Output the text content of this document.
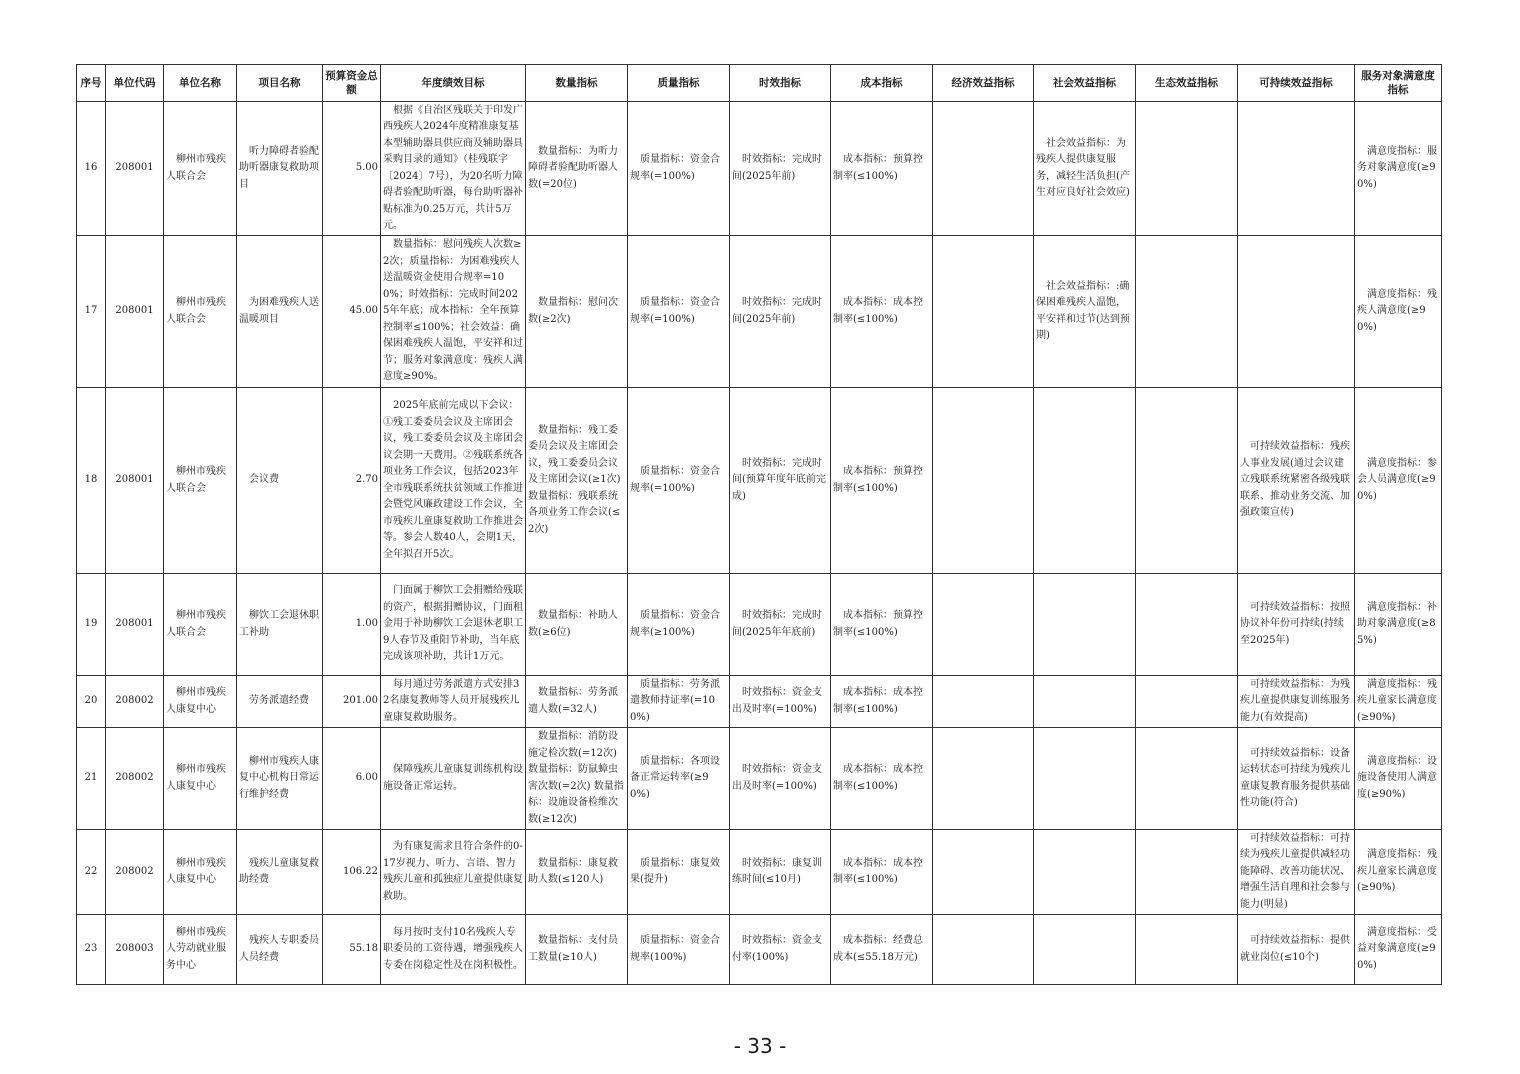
序号	单位代码	单位名称	项目名称	预算资金总额	年度绩效目标	数量指标	质量指标	时效指标	成本指标	经济效益指标	社会效益指标	生态效益指标	可持续效益指标	服务对象满意度指标
16	208001	柳州市残疾人联合会	听力障碍者验配助听器康复救助项目	5.00	根据《自治区残联关于印发广西残疾人2024年度精准康复基本型辅助器具供应商及辅助器具采购目录的通知》（桂残联字〔2024〕7号），为20名听力障碍者验配助听器，每台助听器补贴标准为0.25万元，共计5万元。	数量指标：为听力障碍者验配助听器人数(=20位)	质量指标：资金合规率(=100%)	时效指标：完成时间(2025年前)	成本指标：预算控制率(≤100%)		社会效益指标：为残疾人提供康复服务，减轻生活负担(产生对应良好社会效应)			满意度指标：服务对象满意度(≥90%)

17	208001	柳州市残疾人联合会	为困难残疾人送温暖项目	45.00	数量指标：慰问残疾人次数≥2次；质量指标：为困难残疾人送温暖资金使用合规率=100%；时效指标：完成时间2025年年底；成本指标：全年预算控制率≤100%；社会效益：确保困难残疾人温饱，平安祥和过节；服务对象满意度：残疾人满意度≥90%。	数量指标：慰问次数(≥2次)	质量指标：资金合规率(=100%)	时效指标：完成时间(2025年前)	成本指标：成本控制率(≤100%)		社会效益指标：:确保困难残疾人温饱，平安祥和过节(达到预期)			满意度指标：残疾人满意度(≥90%)

18	208001	柳州市残疾人联合会	会议费	2.70	2025年底前完成以下会议：①残工委委员会议及主席团会议，残工委委员会议及主席团会议会期一天费用。②残联系统各项业务工作会议，包括2023年全市残联系统扶贫领域工作推进会暨党风廉政建设工作会议，全市残疾儿童康复救助工作推进会等。参会人数40人，会期1天，全年拟召开5次。	数量指标：残工委委员会议及主席团会议，残工委委员会议及主席团会议(≥1次) 数量指标：残联系统各项业务工作会议(≤2次)	质量指标：资金合规率(=100%)	时效指标：完成时间(预算年度年底前完成)	成本指标：预算控制率(≤100%)				可持续效益指标：残疾人事业发展(通过会议建立残联系统紧密各级残联联系、推动业务交流、加强政策宣传)	满意度指标：参会人员满意度(≥90%)

19	208001	柳州市残疾人联合会	柳饮工会退休职工补助	1.00	门面属于柳饮工会捐赠给残联的资产，根据捐赠协议，门面租金用于补助柳饮工会退休老职工9人春节及重阳节补助，当年底完成该项补助，共计1万元。	数量指标：补助人数(≥6位)	质量指标：资金合规率(≥100%)	时效指标：完成时间(2025年年底前)	成本指标：预算控制率(≤100%)				可持续效益指标：按照协议补年份可持续(持续至2025年)	满意度指标：补助对象满意度(≥85%)

20	208002	柳州市残疾人康复中心	劳务派遣经费	201.00	每月通过劳务派遣方式安排32名康复教师等人员开展残疾儿童康复救助服务。	数量指标：劳务派遣人数(=32人)	质量指标：劳务派遣教师持证率(=100%)	时效指标：资金支出及时率(=100%)	成本指标：成本控制率(≤100%)				可持续效益指标：为残疾儿童提供康复训练服务能力(有效提高)	满意度指标：残疾儿童家长满意度(≥90%)

21	208002	柳州市残疾人康复中心	柳州市残疾人康复中心机构日常运行维护经费	6.00	保障残疾儿童康复训练机构设施设备正常运转。	数量指标：消防设施定检次数(=12次) 数量指标：防鼠蟑虫害次数(=2次) 数量指标：设施设备检维次数(≥12次)	质量指标：各项设备正常运转率(≥90%)	时效指标：资金支出及时率(=100%)	成本指标：成本控制率(≤100%)				可持续效益指标：设备运转状态可持续为残疾儿童康复教育服务提供基础性功能(符合)	满意度指标：设施设备使用人满意度(≥90%)

22	208002	柳州市残疾人康复中心	残疾儿童康复救助经费	106.22	为有康复需求且符合条件的0-17岁视力、听力、言语、智力残疾儿童和孤独症儿童提供康复救助。	数量指标：康复救助人数(≤120人)	质量指标：康复效果(提升)	时效指标：康复训练时间(≤10月)	成本指标：成本控制率(≤100%)				可持续效益指标：可持续为残疾儿童提供减轻功能障碍、改善功能状况、增强生活自理和社会参与能力(明显)	满意度指标：残疾儿童家长满意度(≥90%)

23	208003	柳州市残疾人劳动就业服务中心	残疾人专职委员人员经费	55.18	每月按时支付10名残疾人专职委员的工资待遇，增强残疾人专委在岗稳定性及在岗积极性。	数量指标：支付员工数量(≥10人)	质量指标：资金合规率(100%)	时效指标：资金支付率(100%)	成本指标：经费总成本(≤55.18万元)				可持续效益指标：提供就业岗位(≤10个)	满意度指标：受益对象满意度(≥90%)
- 33 -
